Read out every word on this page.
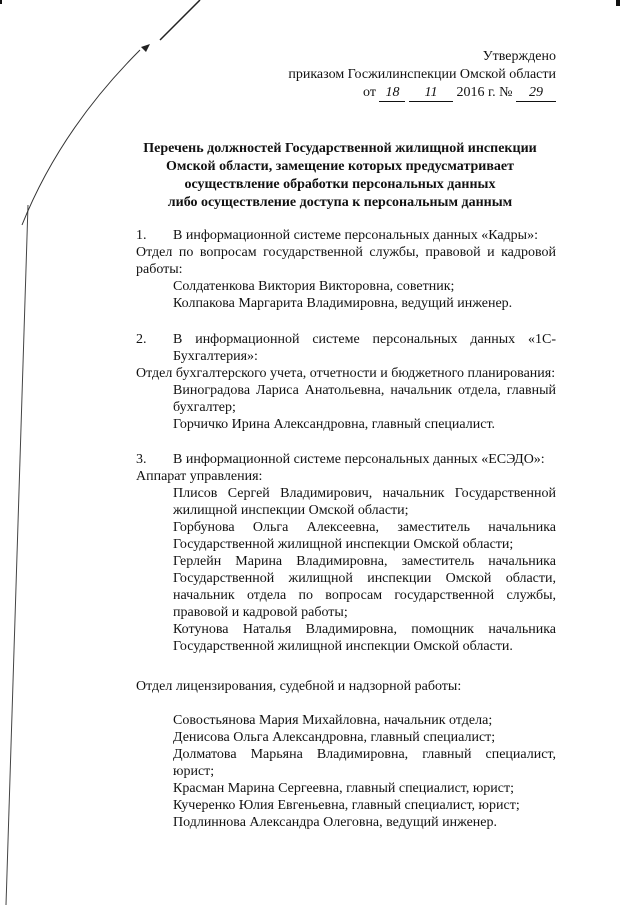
Утверждено
приказом Госжилинспекции Омской области
от 18 11 2016 г. № 29
Перечень должностей Государственной жилищной инспекции
Омской области, замещение которых предусматривает
осуществление обработки персональных данных
либо осуществление доступа к персональным данным
1. В информационной системе персональных данных «Кадры»:
Отдел по вопросам государственной службы, правовой и кадровой
работы:
Солдатенкова Виктория Викторовна, советник;
Колпакова Маргарита Владимировна, ведущий инженер.
2. В информационной системе персональных данных «1С-
Бухгалтерия»:
Отдел бухгалтерского учета, отчетности и бюджетного планирования:
Виноградова Лариса Анатольевна, начальник отдела, главный
бухгалтер;
Горчичко Ирина Александровна, главный специалист.
3. В информационной системе персональных данных «ЕСЭДО»:
Аппарат управления:
Плисов Сергей Владимирович, начальник Государственной
жилищной инспекции Омской области;
Горбунова Ольга Алексеевна, заместитель начальника
Государственной жилищной инспекции Омской области;
Герлейн Марина Владимировна, заместитель начальника
Государственной жилищной инспекции Омской области,
начальник отдела по вопросам государственной службы,
правовой и кадровой работы;
Котунова Наталья Владимировна, помощник начальника
Государственной жилищной инспекции Омской области.
Отдел лицензирования, судебной и надзорной работы:
Совостьянова Мария Михайловна, начальник отдела;
Денисова Ольга Александровна, главный специалист;
Долматова Марьяна Владимировна, главный специалист,
юрист;
Красман Марина Сергеевна, главный специалист, юрист;
Кучеренко Юлия Евгеньевна, главный специалист, юрист;
Подлиннова Александра Олеговна, ведущий инженер.
